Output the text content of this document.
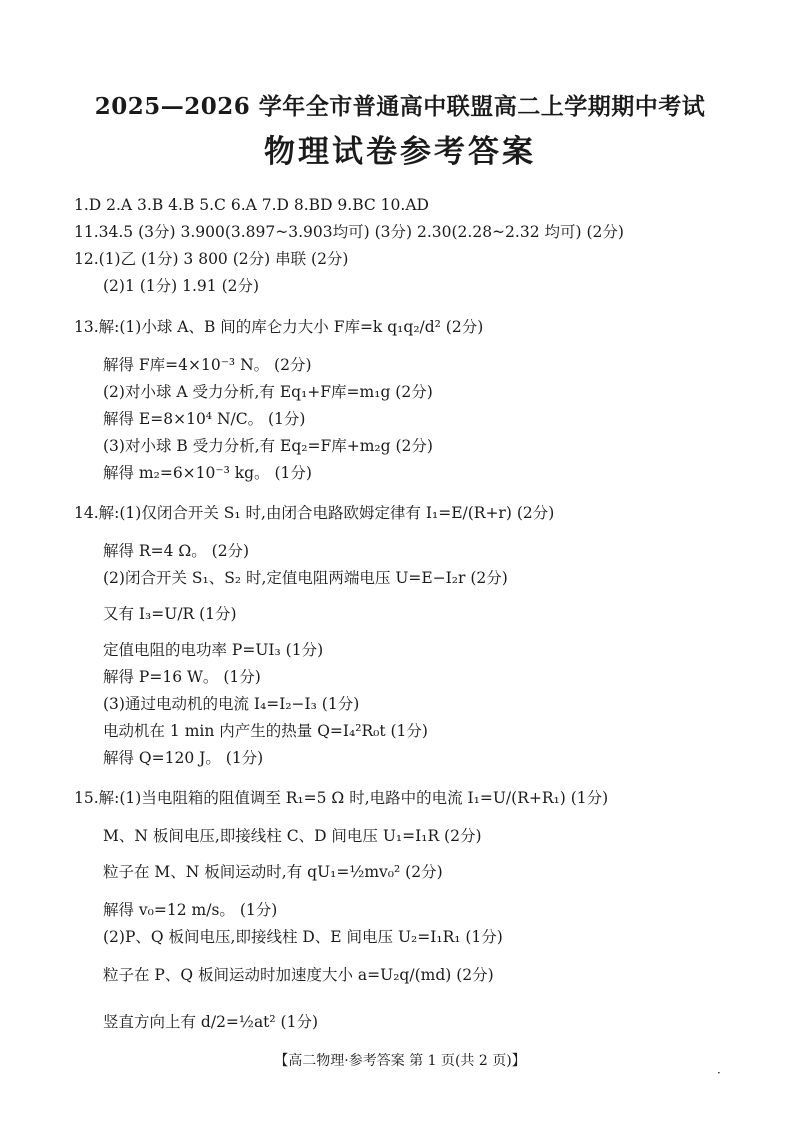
2025—2026 学年全市普通高中联盟高二上学期期中考试
物理试卷参考答案
1.D 2.A 3.B 4.B 5.C 6.A 7.D 8.BD 9.BC 10.AD
11.34.5 (3分) 3.900(3.897~3.903均可) (3分) 2.30(2.28~2.32 均可) (2分)
12.(1)乙 (1分) 3 800 (2分) 串联 (2分)
(2)1 (1分) 1.91 (2分)
13.解:(1)小球 A、B 间的库仑力大小 F库=k q₁q₂/d² (2分)
解得 F库=4×10⁻³ N。 (2分)
(2)对小球 A 受力分析,有 Eq₁+F库=m₁g (2分)
解得 E=8×10⁴ N/C。 (1分)
(3)对小球 B 受力分析,有 Eq₂=F库+m₂g (2分)
解得 m₂=6×10⁻³ kg。 (1分)
14.解:(1)仅闭合开关 S₁ 时,由闭合电路欧姆定律有 I₁=E/(R+r) (2分)
解得 R=4 Ω。 (2分)
(2)闭合开关 S₁、S₂ 时,定值电阻两端电压 U=E−I₂r (2分)
又有 I₃=U/R (1分)
定值电阻的电功率 P=UI₃ (1分)
解得 P=16 W。 (1分)
(3)通过电动机的电流 I₄=I₂−I₃ (1分)
电动机在 1 min 内产生的热量 Q=I₄²R₀t (1分)
解得 Q=120 J。 (1分)
15.解:(1)当电阻箱的阻值调至 R₁=5 Ω 时,电路中的电流 I₁=U/(R+R₁) (1分)
M、N 板间电压,即接线柱 C、D 间电压 U₁=I₁R (2分)
粒子在 M、N 板间运动时,有 qU₁=½mv₀² (2分)
解得 v₀=12 m/s。 (1分)
(2)P、Q 板间电压,即接线柱 D、E 间电压 U₂=I₁R₁ (1分)
粒子在 P、Q 板间运动时加速度大小 a=U₂q/(md) (2分)
竖直方向上有 d/2=½at² (1分)
【高二物理·参考答案 第 1 页(共 2 页)】
·
